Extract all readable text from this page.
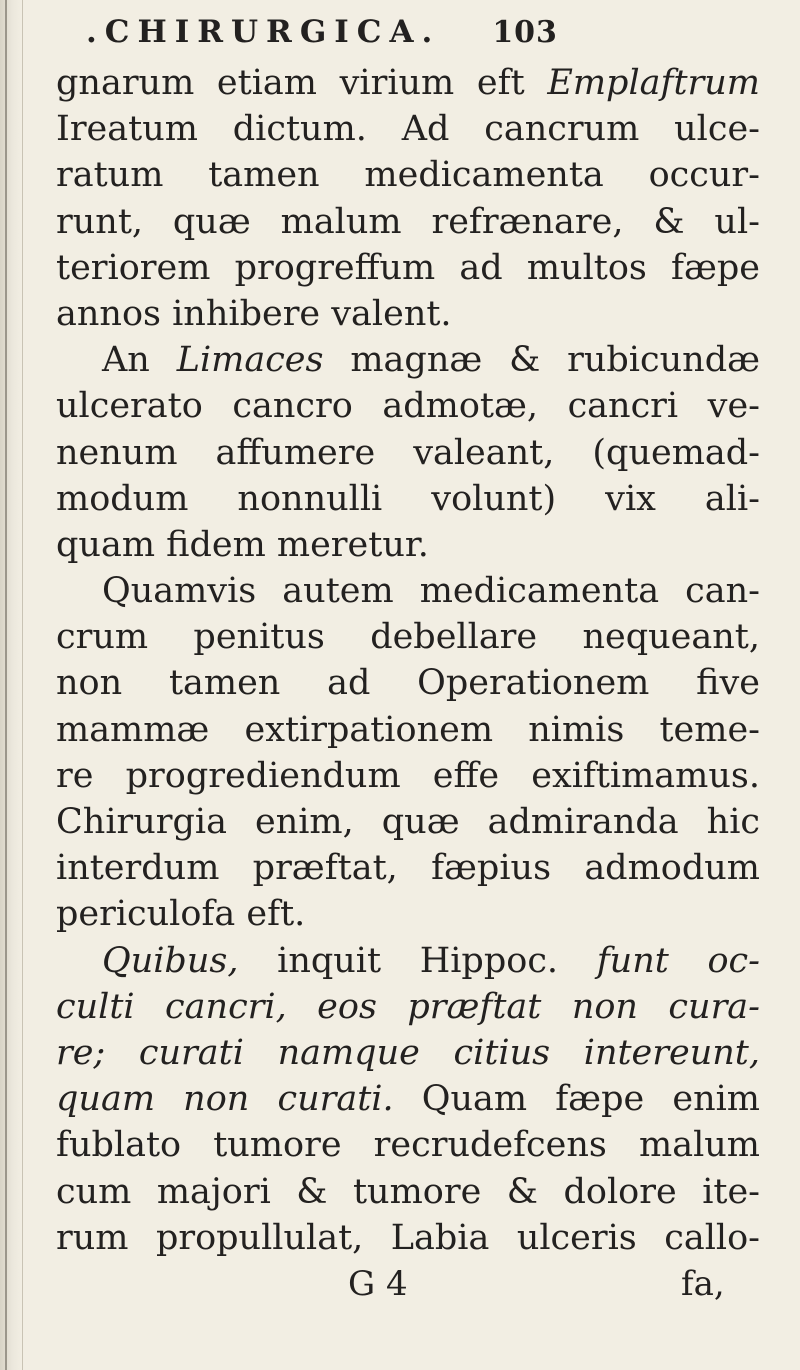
.CHIRURGICA. 103
gnarum etiam virium eft Emplaftrum
Ireatum dictum. Ad cancrum ulce-
ratum tamen medicamenta occur-
runt, quæ malum refrænare, & ul-
teriorem progreffum ad multos fæpe
annos inhibere valent.
An Limaces magnæ & rubicundæ
ulcerato cancro admotæ, cancri ve-
nenum affumere valeant, (quemad-
modum nonnulli volunt) vix ali-
quam fidem meretur.
Quamvis autem medicamenta can-
crum penitus debellare nequeant,
non tamen ad Operationem five
mammæ extirpationem nimis teme-
re progrediendum effe exiftimamus.
Chirurgia enim, quæ admiranda hic
interdum præftat, fæpius admodum
periculofa eft.
Quibus, inquit Hippoc. funt oc-
culti cancri, eos præftat non cura-
re; curati namque citius intereunt,
quam non curati. Quam fæpe enim
fublato tumore recrudefcens malum
cum majori & tumore & dolore ite-
rum propullulat, Labia ulceris callo-
G 4	fa,
